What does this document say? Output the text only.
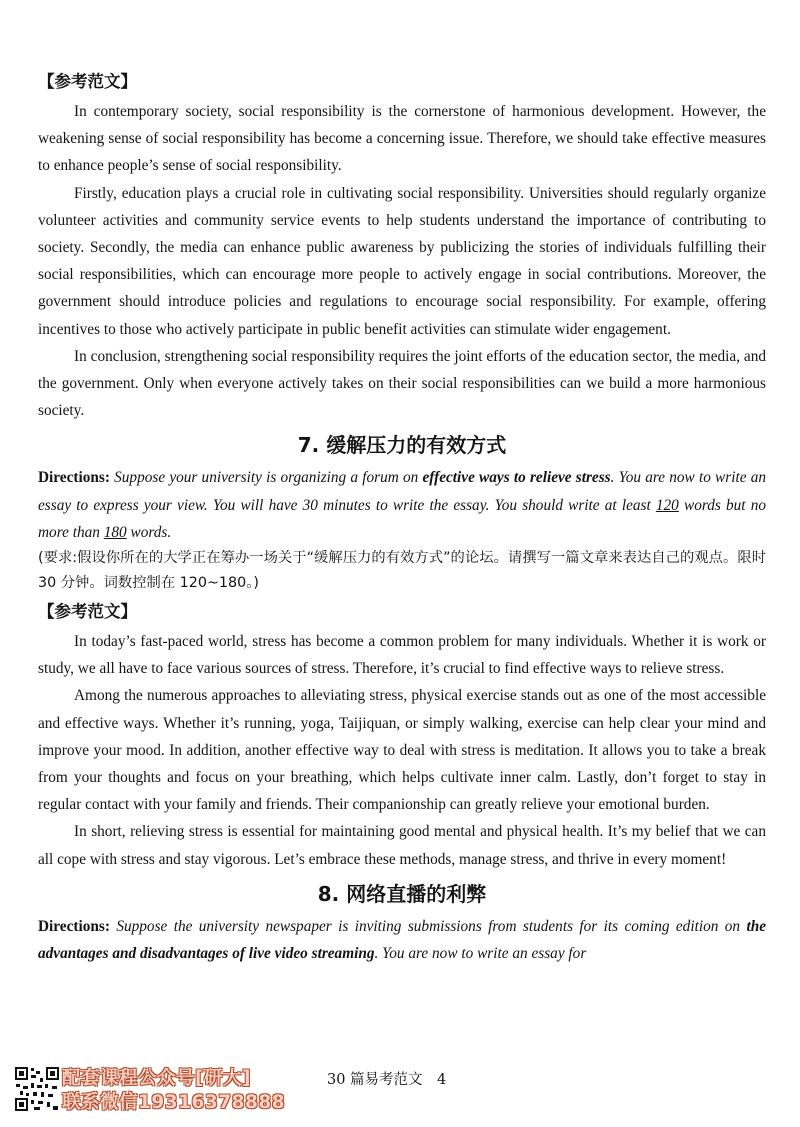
【参考范文】

In contemporary society, social responsibility is the cornerstone of harmonious development. However, the weakening sense of social responsibility has become a concerning issue. Therefore, we should take effective measures to enhance people’s sense of social responsibility.

Firstly, education plays a crucial role in cultivating social responsibility. Universities should regularly organize volunteer activities and community service events to help students understand the importance of contributing to society. Secondly, the media can enhance public awareness by publicizing the stories of individuals fulfilling their social responsibilities, which can encourage more people to actively engage in social contributions. Moreover, the government should introduce policies and regulations to encourage social responsibility. For example, offering incentives to those who actively participate in public benefit activities can stimulate wider engagement.

In conclusion, strengthening social responsibility requires the joint efforts of the education sector, the media, and the government. Only when everyone actively takes on their social responsibilities can we build a more harmonious society.

7. 缓解压力的有效方式

Directions: Suppose your university is organizing a forum on effective ways to relieve stress. You are now to write an essay to express your view. You will have 30 minutes to write the essay. You should write at least 120 words but no more than 180 words.

(要求:假设你所在的大学正在筹办一场关于“缓解压力的有效方式”的论坛。请撰写一篇文章来表达自己的观点。限时 30 分钟。词数控制在 120~180。)

【参考范文】

In today’s fast-paced world, stress has become a common problem for many individuals. Whether it is work or study, we all have to face various sources of stress. Therefore, it’s crucial to find effective ways to relieve stress.

Among the numerous approaches to alleviating stress, physical exercise stands out as one of the most accessible and effective ways. Whether it’s running, yoga, Taijiquan, or simply walking, exercise can help clear your mind and improve your mood. In addition, another effective way to deal with stress is meditation. It allows you to take a break from your thoughts and focus on your breathing, which helps cultivate inner calm. Lastly, don’t forget to stay in regular contact with your family and friends. Their companionship can greatly relieve your emotional burden.

In short, relieving stress is essential for maintaining good mental and physical health. It’s my belief that we can all cope with stress and stay vigorous. Let’s embrace these methods, manage stress, and thrive in every moment!

8. 网络直播的利弊

Directions: Suppose the university newspaper is inviting submissions from students for its coming edition on the advantages and disadvantages of live video streaming. You are now to write an essay for

配套课程公众号[研大]
联系微信19316378888
30 篇易考范文　4
